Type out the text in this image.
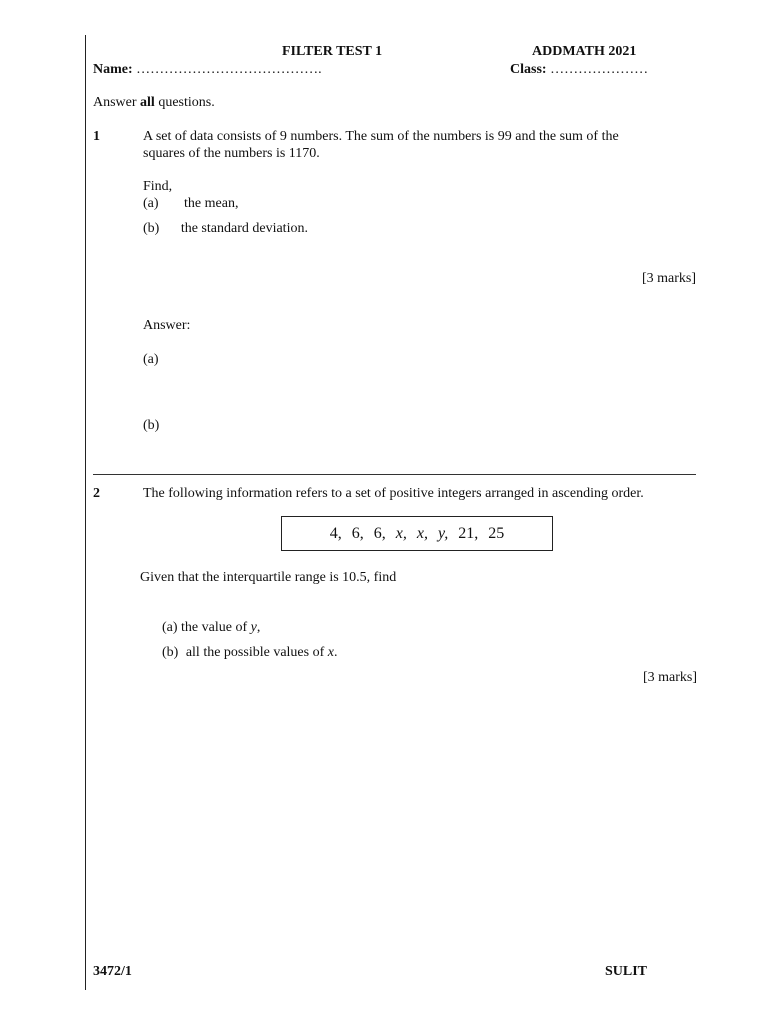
FILTER TEST 1	ADDMATH 2021
Name: ………………………………….	Class: …………………
Answer all questions.
1	A set of data consists of 9 numbers. The sum of the numbers is 99 and the sum of the
squares of the numbers is 1170.
Find,
(a) the mean,
(b) the standard deviation.
[3 marks]
Answer:
(a)
(b)
2	The following information refers to a set of positive integers arranged in ascending order.
4, 6, 6, x, x, y, 21, 25
Given that the interquartile range is 10.5, find
(a) the value of y,
(b) all the possible values of x.
[3 marks]
3472/1	SULIT
